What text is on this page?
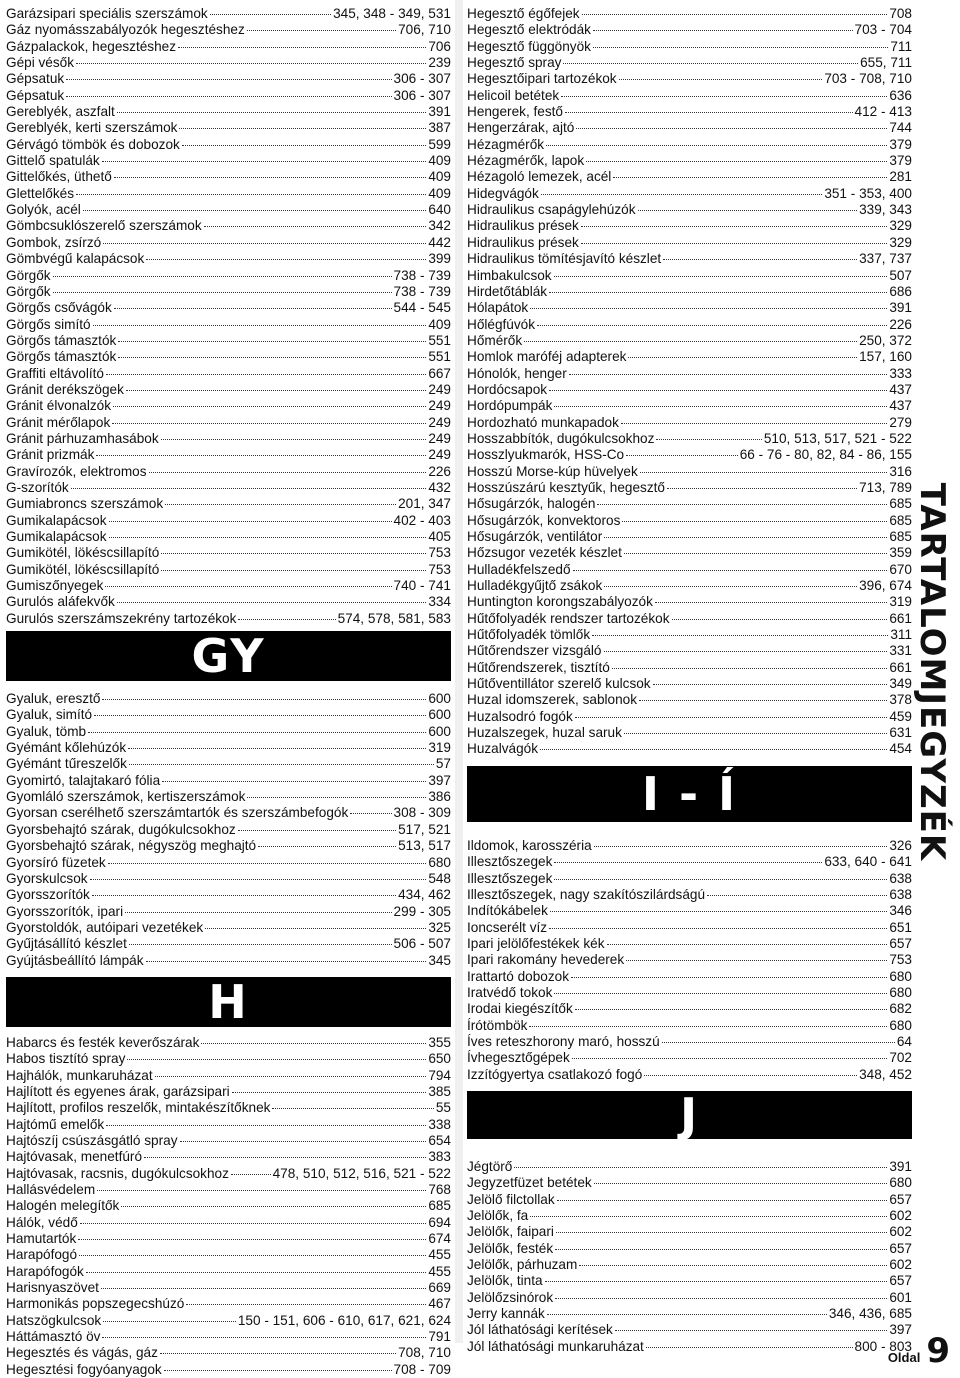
Garázsipari speciális szerszámok	345, 348 - 349, 531
Gáz nyomásszabályozók hegesztéshez	706, 710
Gázpalackok, hegesztéshez	706
Gépi vésők	239
Gépsatuk	306 - 307
Gépsatuk	306 - 307
Gereblyék, aszfalt	391
Gereblyék, kerti szerszámok	387
Gérvágó tömbök és dobozok	599
Gittelő spatulák	409
Gittelőkés, üthető	409
Glettelőkés	409
Golyók, acél	640
Gömbcsuklószerelő szerszámok	342
Gombok, zsírzó	442
Gömbvégű kalapácsok	399
Görgők	738 - 739
Görgők	738 - 739
Görgős csővágók	544 - 545
Görgős simító	409
Görgős támasztók	551
Görgős támasztók	551
Graffiti eltávolító	667
Gránit derékszögek	249
Gránit élvonalzók	249
Gránit mérőlapok	249
Gránit párhuzamhasábok	249
Gránit prizmák	249
Gravírozók, elektromos	226
G-szorítók	432
Gumiabroncs szerszámok	201, 347
Gumikalapácsok	402 - 403
Gumikalapácsok	405
Gumikötél, lökéscsillapító	753
Gumikötél, lökéscsillapító	753
Gumiszőnyegek	740 - 741
Gurulós aláfekvők	334
Gurulós szerszámszekrény tartozékok	574, 578, 581, 583
GY
Gyaluk, eresztő	600
Gyaluk, simító	600
Gyaluk, tömb	600
Gyémánt kőlehúzók	319
Gyémánt tűreszelők	57
Gyomirtó, talajtakaró fólia	397
Gyomláló szerszámok, kertiszerszámok	386
Gyorsan cserélhető szerszámtartók és szerszámbefogók	308 - 309
Gyorsbehajtó szárak, dugókulcsokhoz	517, 521
Gyorsbehajtó szárak, négyszög meghajtó	513, 517
Gyorsíró füzetek	680
Gyorskulcsok	548
Gyorsszorítók	434, 462
Gyorsszorítók, ipari	299 - 305
Gyorstoldók, autóipari vezetékek	325
Gyűjtásállító készlet	506 - 507
Gyújtásbeállító lámpák	345
H
Habarcs és festék keverőszárak	355
Habos tisztító spray	650
Hajhálók, munkaruházat	794
Hajlított és egyenes árak, garázsipari	385
Hajlított, profilos reszelők, mintakészítőknek	55
Hajtómű emelők	338
Hajtószíj csúszásgátló spray	654
Hajtóvasak, menetfúró	383
Hajtóvasak, racsnis, dugókulcsokhoz	478, 510, 512, 516, 521 - 522
Hallásvédelem	768
Halogén melegítők	685
Hálók, védő	694
Hamutartók	674
Harapófogó	455
Harapófogók	455
Harisnyaszövet	669
Harmonikás popszegecshúzó	467
Hatszögkulcsok	150 - 151, 606 - 610, 617, 621, 624
Háttámasztó öv	791
Hegesztés és vágás, gáz	708, 710
Hegesztési fogyóanyagok	708 - 709
Hegesztő égőfejek	708
Hegesztő elektródák	703 - 704
Hegesztő függönyök	711
Hegesztő spray	655, 711
Hegesztőipari tartozékok	703 - 708, 710
Helicoil betétek	636
Hengerek, festő	412 - 413
Hengerzárak, ajtó	744
Hézagmérők	379
Hézagmérők, lapok	379
Hézagoló lemezek, acél	281
Hidegvágók	351 - 353, 400
Hidraulikus csapágylehúzók	339, 343
Hidraulikus prések	329
Hidraulikus prések	329
Hidraulikus tömítésjavító készlet	337, 737
Himbakulcsok	507
Hirdetőtáblák	686
Hólapátok	391
Hőlégfúvók	226
Hőmérők	250, 372
Homlok maróféj adapterek	157, 160
Hónolók, henger	333
Hordócsapok	437
Hordópumpák	437
Hordozható munkapadok	279
Hosszabbítók, dugókulcsokhoz	510, 513, 517, 521 - 522
Hosszlyukmarók, HSS-Co	66 - 76 - 80, 82, 84 - 86, 155
Hosszú Morse-kúp hüvelyek	316
Hosszúszárú kesztyűk, hegesztő	713, 789
Hősugárzók, halogén	685
Hősugárzók, konvektoros	685
Hősugárzók, ventilátor	685
Hőzsugor vezeték készlet	359
Hulladékfelszedő	670
Hulladékgyűjtő zsákok	396, 674
Huntington korongszabályozók	319
Hűtőfolyadék rendszer tartozékok	661
Hűtőfolyadék tömlők	311
Hűtőrendszer vizsgáló	331
Hűtőrendszerek, tisztító	661
Hűtőventillátor szerelő kulcsok	349
Huzal idomszerek, sablonok	378
Huzalsodró fogók	459
Huzalszegek, huzal saruk	631
Huzalvágók	454
I - Í
Ildomok, karosszéria	326
Illesztőszegek	633, 640 - 641
Illesztőszegek	638
Illesztőszegek, nagy szakítószilárdságú	638
Indítókábelek	346
Ioncserélt víz	651
Ipari jelölőfestékek kék	657
Ipari rakomány hevederek	753
Irattartó dobozok	680
Iratvédő tokok	680
Irodai kiegészítők	682
Írótömbök	680
Íves reteszhorony maró, hosszú	64
Ívhegesztőgépek	702
Izzítógyertya csatlakozó fogó	348, 452
J
Jégtörő	391
Jegyzetfüzet betétek	680
Jelölő filctollak	657
Jelölők, fa	602
Jelölők, faipari	602
Jelölők, festék	657
Jelölők, párhuzam	602
Jelölők, tinta	657
Jelölőzsinórok	601
Jerry kannák	346, 436, 685
Jól láthatósági kerítések	397
Jól láthatósági munkaruházat	800 - 803
TARTALOMJEGYZÉK
Oldal 9
